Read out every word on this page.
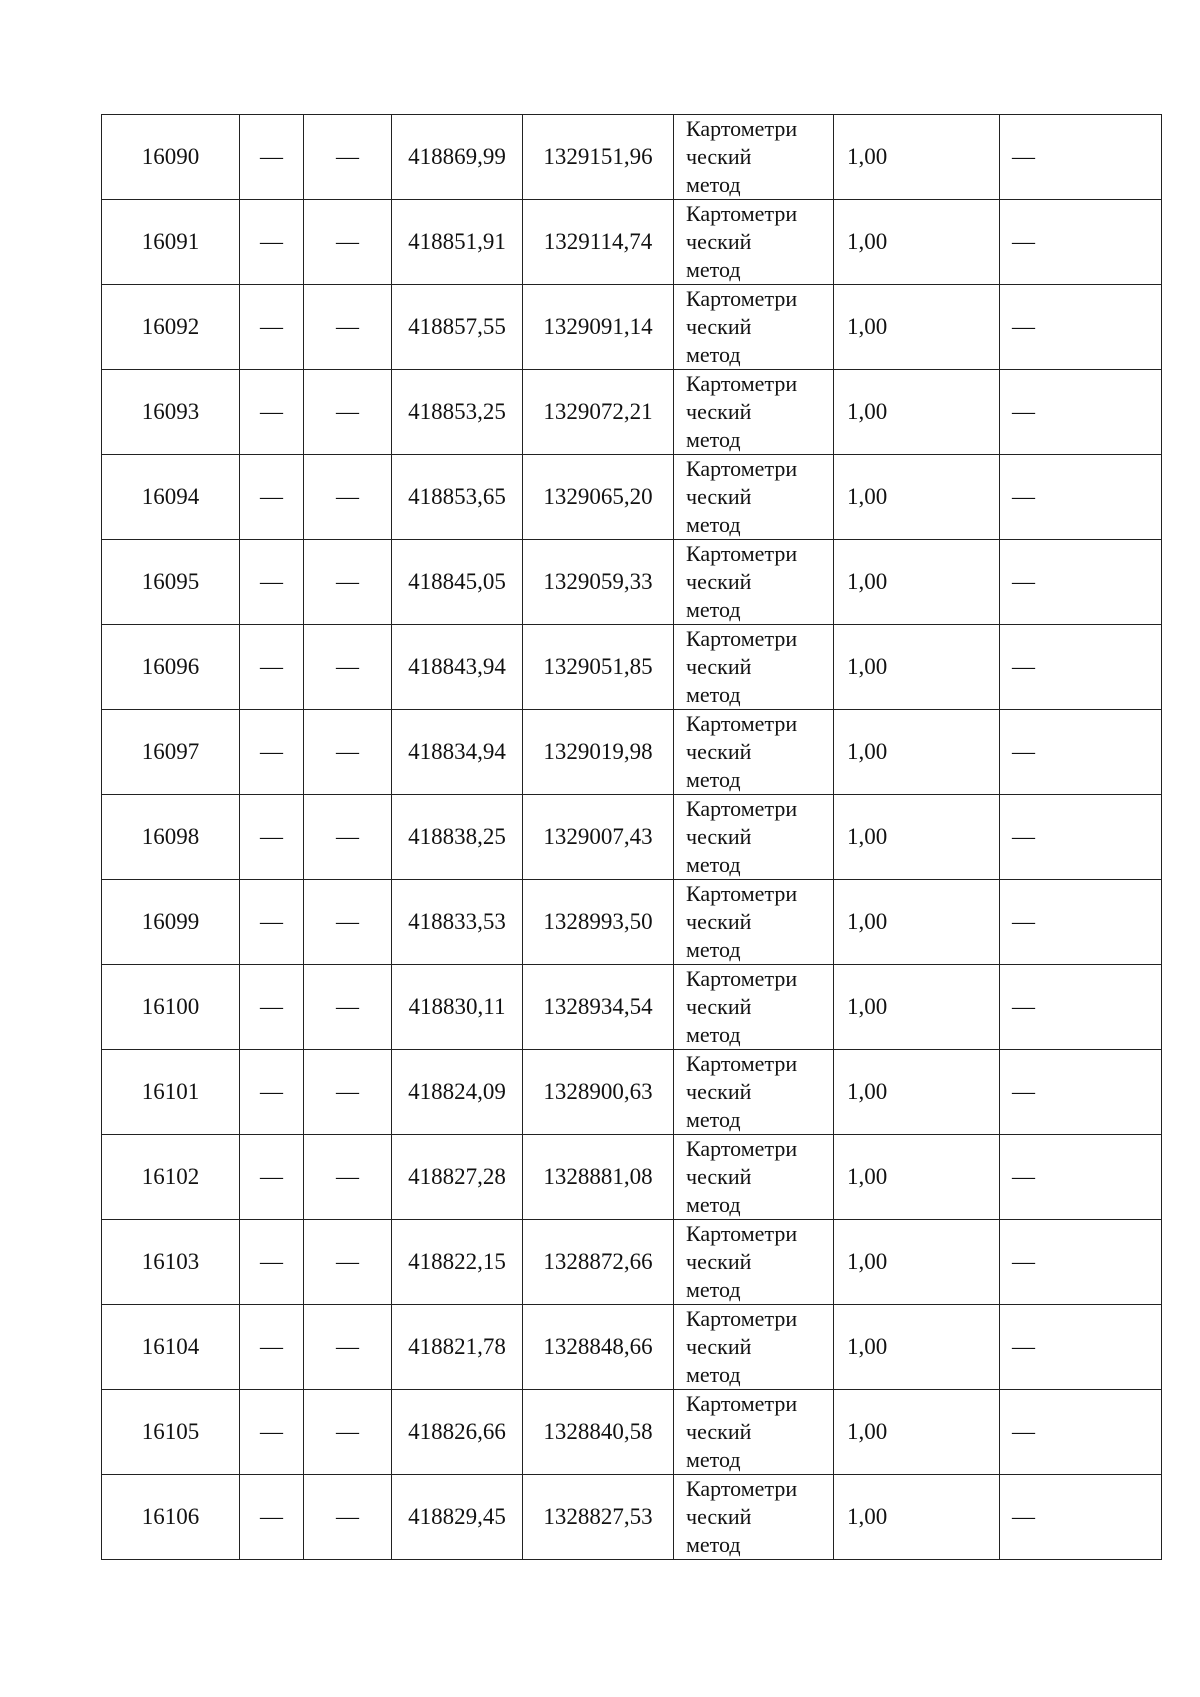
16090	—	—	418869,99	1329151,96	Картометри
ческий
метод	1,00	—
16091	—	—	418851,91	1329114,74	Картометри
ческий
метод	1,00	—
16092	—	—	418857,55	1329091,14	Картометри
ческий
метод	1,00	—
16093	—	—	418853,25	1329072,21	Картометри
ческий
метод	1,00	—
16094	—	—	418853,65	1329065,20	Картометри
ческий
метод	1,00	—
16095	—	—	418845,05	1329059,33	Картометри
ческий
метод	1,00	—
16096	—	—	418843,94	1329051,85	Картометри
ческий
метод	1,00	—
16097	—	—	418834,94	1329019,98	Картометри
ческий
метод	1,00	—
16098	—	—	418838,25	1329007,43	Картометри
ческий
метод	1,00	—
16099	—	—	418833,53	1328993,50	Картометри
ческий
метод	1,00	—
16100	—	—	418830,11	1328934,54	Картометри
ческий
метод	1,00	—
16101	—	—	418824,09	1328900,63	Картометри
ческий
метод	1,00	—
16102	—	—	418827,28	1328881,08	Картометри
ческий
метод	1,00	—
16103	—	—	418822,15	1328872,66	Картометри
ческий
метод	1,00	—
16104	—	—	418821,78	1328848,66	Картометри
ческий
метод	1,00	—
16105	—	—	418826,66	1328840,58	Картометри
ческий
метод	1,00	—
16106	—	—	418829,45	1328827,53	Картометри
ческий
метод	1,00	—
